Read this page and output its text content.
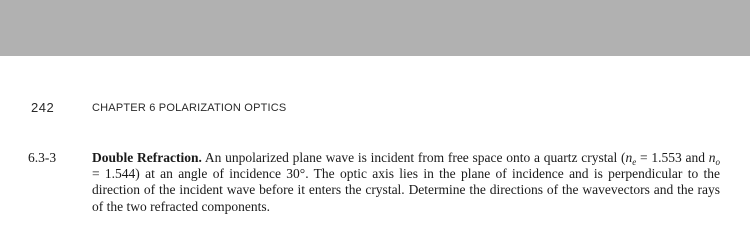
242	CHAPTER 6 POLARIZATION OPTICS
6.3-3	Double Refraction. An unpolarized plane wave is incident from free space onto a quartz crystal ($n_e = 1.553$ and $n_o = 1.544$) at an angle of incidence 30°. The optic axis lies in the plane of incidence and is perpendicular to the direction of the incident wave before it enters the crystal. Determine the directions of the wavevectors and the rays of the two refracted components.
